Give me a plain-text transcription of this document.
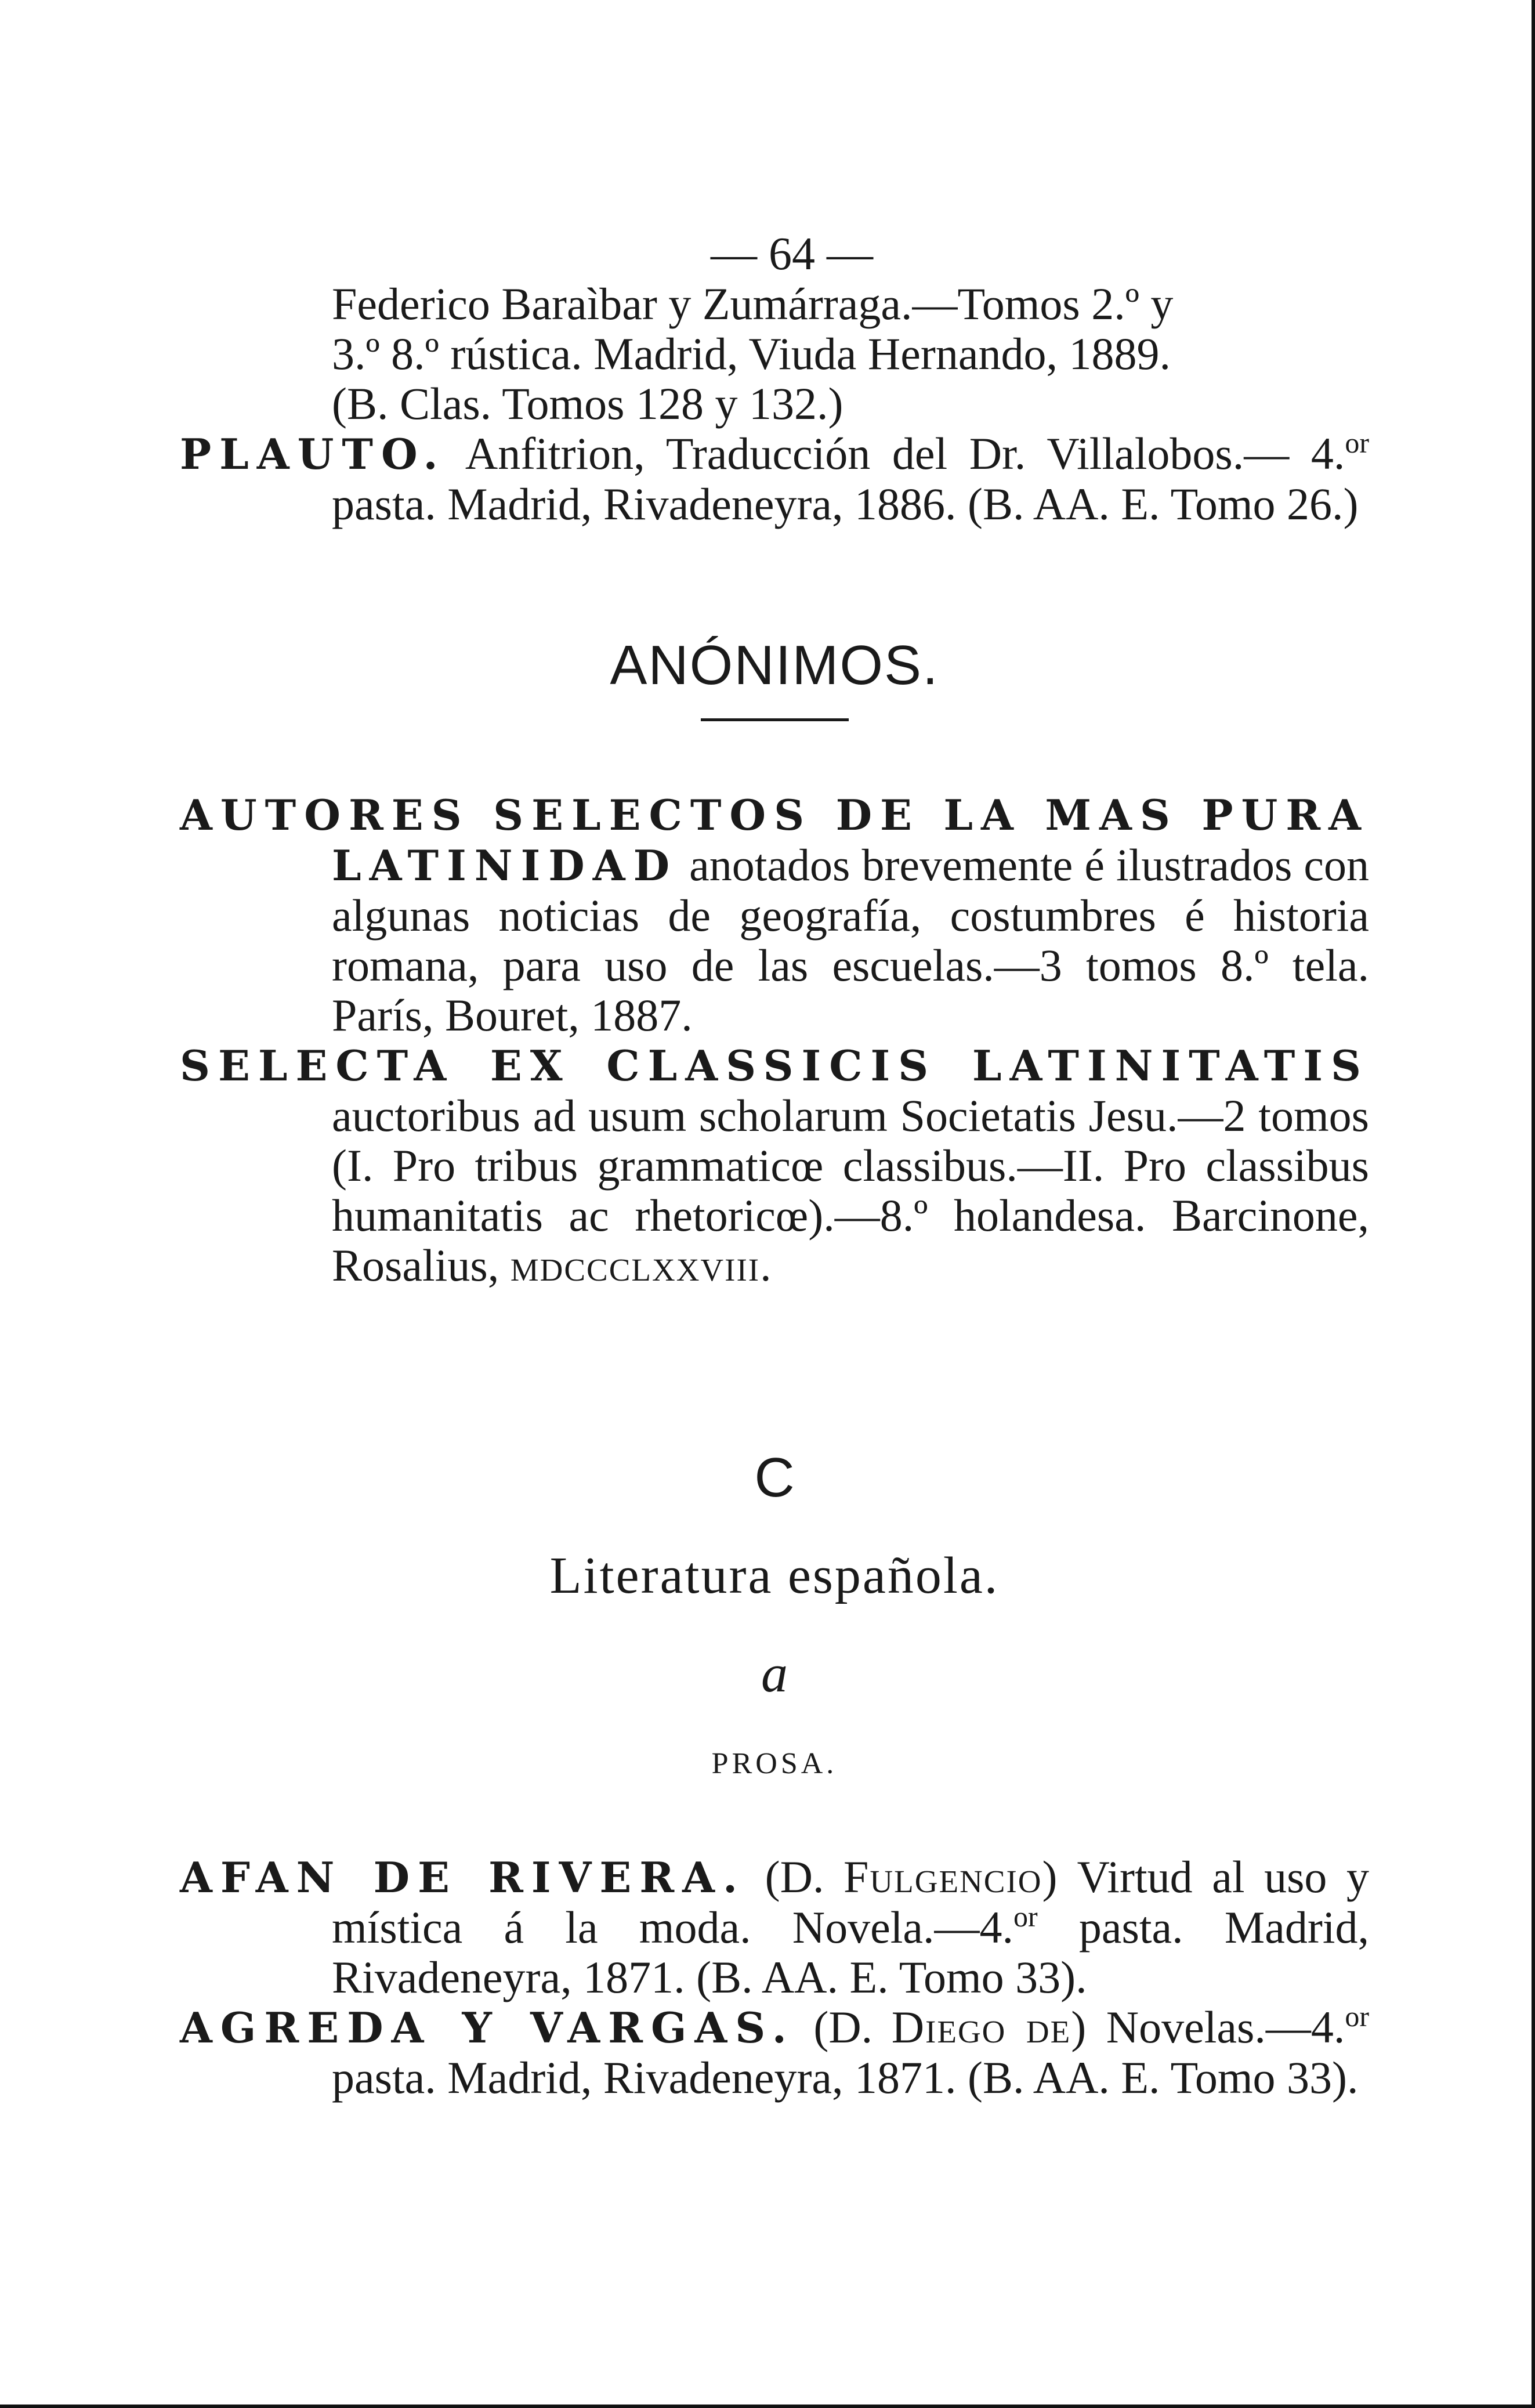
— 64 —
Federico Baraìbar y Zumárraga.—Tomos 2.º y
3.º 8.º rústica. Madrid, Viuda Hernando, 1889.
(B. Clas. Tomos 128 y 132.)
PLAUTO. Anfitrion, Traducción del Dr. Villalobos.— 4.$^{or}$ pasta. Madrid, Rivadeneyra, 1886. (B. AA. E. Tomo 26.)
ANÓNIMOS.
AUTORES SELECTOS DE LA MAS PURA LATINIDAD anotados brevemente é ilustrados con algunas noticias de geografía, costumbres é historia romana, para uso de las escuelas.—3 tomos 8.º tela. París, Bouret, 1887.
SELECTA EX CLASSICIS LATINITATIS auctoribus ad usum scholarum Societatis Jesu.—2 tomos (I. Pro tribus grammaticœ classibus.—II. Pro classibus humanitatis ac rhetoricœ).—8.º holandesa. Barcinone, Rosalius, mdccclxxviii.
C
Literatura española.
a
PROSA.
AFAN DE RIVERA. (D. Fulgencio) Virtud al uso y mística á la moda. Novela.—4.$^{or}$ pasta. Madrid, Rivadeneyra, 1871. (B. AA. E. Tomo 33).
AGREDA Y VARGAS. (D. Diego de) Novelas.—4.$^{or}$ pasta. Madrid, Rivadeneyra, 1871. (B. AA. E. Tomo 33).
